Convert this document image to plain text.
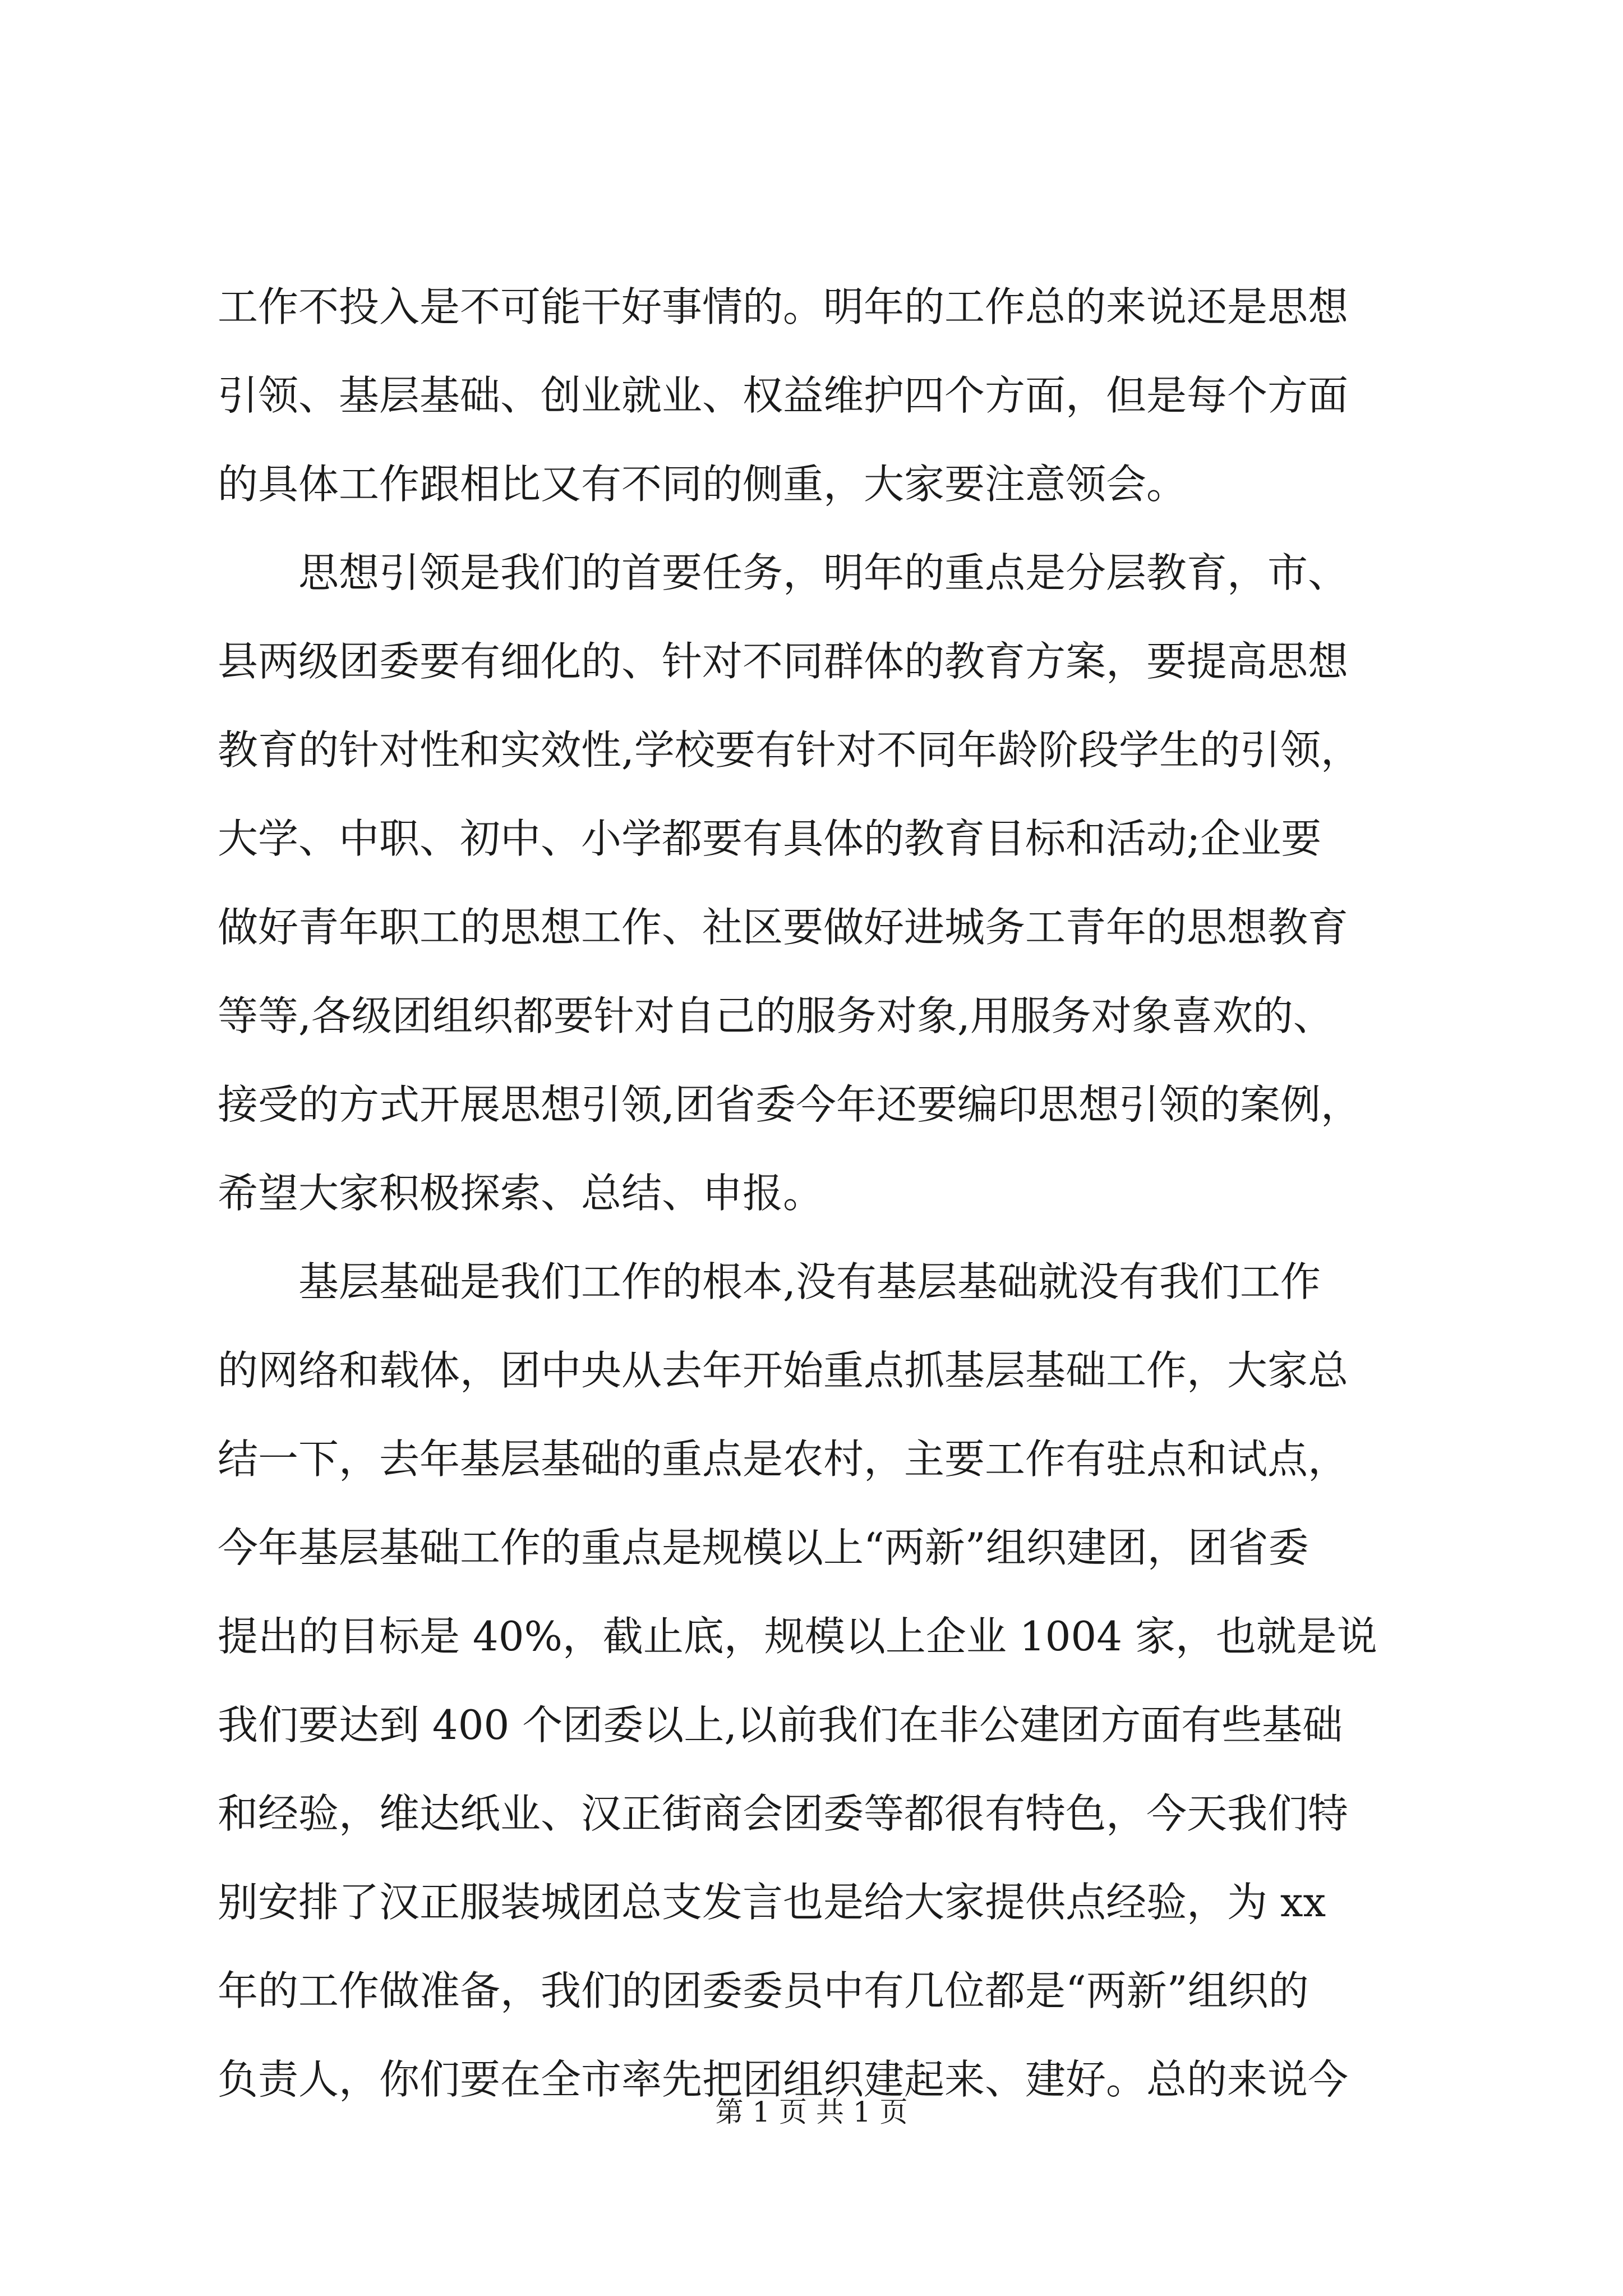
工作不投入是不可能干好事情的。明年的工作总的来说还是思想
引领、基层基础、创业就业、权益维护四个方面，但是每个方面
的具体工作跟相比又有不同的侧重，大家要注意领会。
　　思想引领是我们的首要任务，明年的重点是分层教育，市、
县两级团委要有细化的、针对不同群体的教育方案，要提高思想
教育的针对性和实效性,学校要有针对不同年龄阶段学生的引领，
大学、中职、初中、小学都要有具体的教育目标和活动;企业要
做好青年职工的思想工作、社区要做好进城务工青年的思想教育
等等,各级团组织都要针对自己的服务对象,用服务对象喜欢的、
接受的方式开展思想引领,团省委今年还要编印思想引领的案例，
希望大家积极探索、总结、申报。
　　基层基础是我们工作的根本,没有基层基础就没有我们工作
的网络和载体，团中央从去年开始重点抓基层基础工作，大家总
结一下，去年基层基础的重点是农村，主要工作有驻点和试点，
今年基层基础工作的重点是规模以上“两新”组织建团，团省委
提出的目标是 40%，截止底，规模以上企业 1004 家，也就是说
我们要达到 400 个团委以上,以前我们在非公建团方面有些基础
和经验，维达纸业、汉正街商会团委等都很有特色，今天我们特
别安排了汉正服装城团总支发言也是给大家提供点经验，为 xx
年的工作做准备，我们的团委委员中有几位都是“两新”组织的
负责人，你们要在全市率先把团组织建起来、建好。总的来说今
第 1 页 共 1 页
